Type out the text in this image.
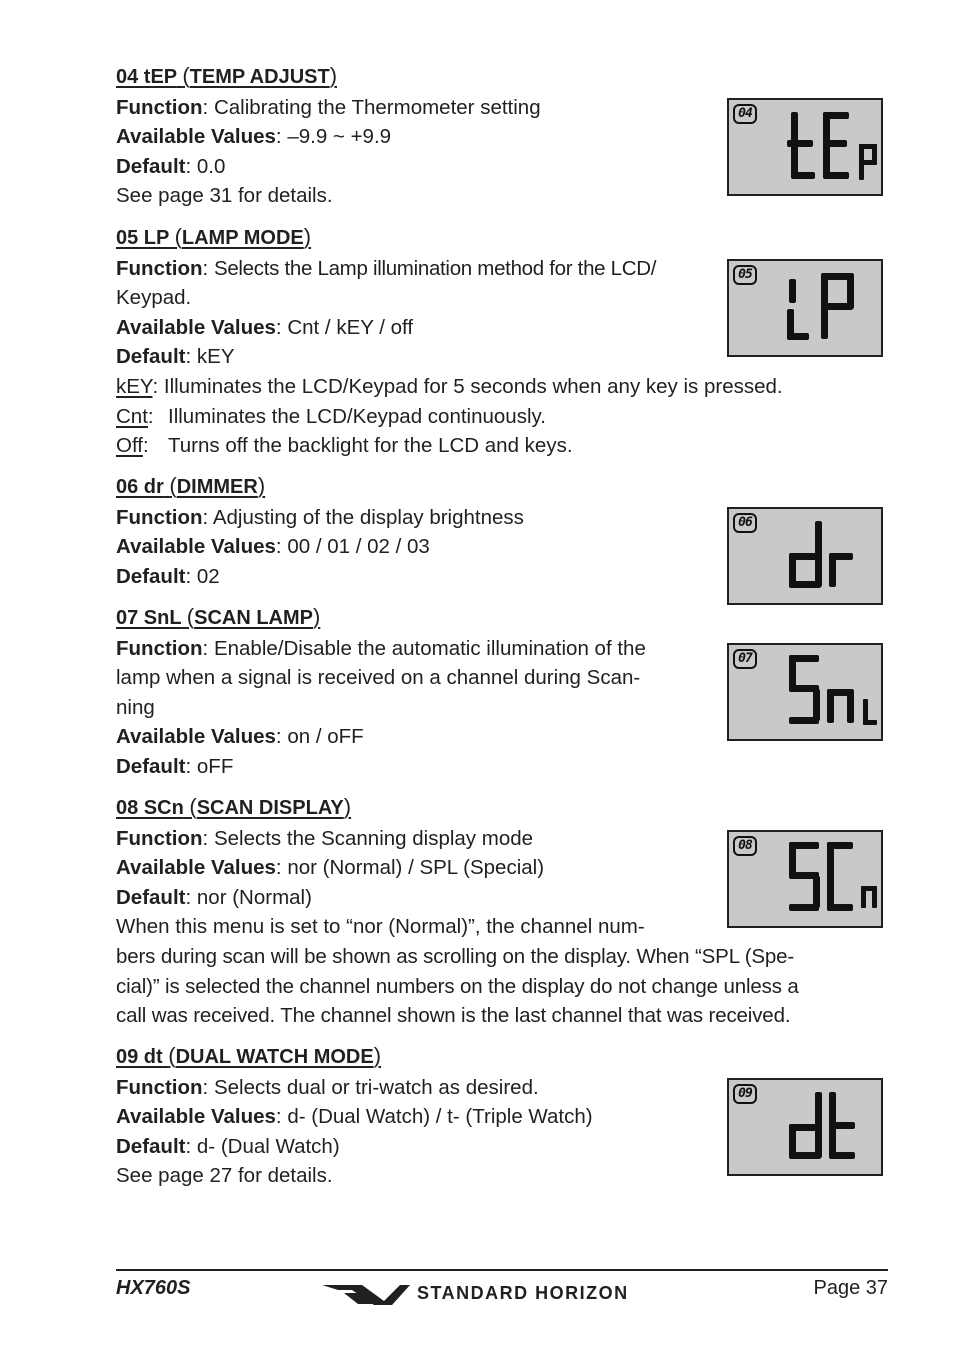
04 tEP (TEMP ADJUST)
Function: Calibrating the Thermometer setting
Available Values: –9.9 ~ +9.9
Default: 0.0
See page 31 for details.
04
05 LP (LAMP MODE)
Function: Selects the Lamp illumination method for the LCD/
Keypad.
Available Values: Cnt / kEY / off
Default: kEY
kEY: Illuminates the LCD/Keypad for 5 seconds when any key is pressed.
Cnt: Illuminates the LCD/Keypad continuously.
Off: Turns off the backlight for the LCD and keys.
05
06 dr (DIMMER)
Function: Adjusting of the display brightness
Available Values: 00 / 01 / 02 / 03
Default: 02
06
07 SnL (SCAN LAMP)
Function: Enable/Disable the automatic illumination of the
lamp when a signal is received on a channel during Scan-
ning
Available Values: on / oFF
Default: oFF
07
08 SCn (SCAN DISPLAY)
Function: Selects the Scanning display mode
Available Values: nor (Normal) / SPL (Special)
Default: nor (Normal)
When this menu is set to “nor (Normal)”, the channel num-
bers during scan will be shown as scrolling on the display. When “SPL (Spe-
cial)” is selected the channel numbers on the display do not change unless a
call was received. The channel shown is the last channel that was received.
08
09 dt (DUAL WATCH MODE)
Function: Selects dual or tri-watch as desired.
Available Values: d- (Dual Watch) / t- (Triple Watch)
Default: d- (Dual Watch)
See page 27 for details.
09
HX760S	STANDARD HORIZON	Page 37
